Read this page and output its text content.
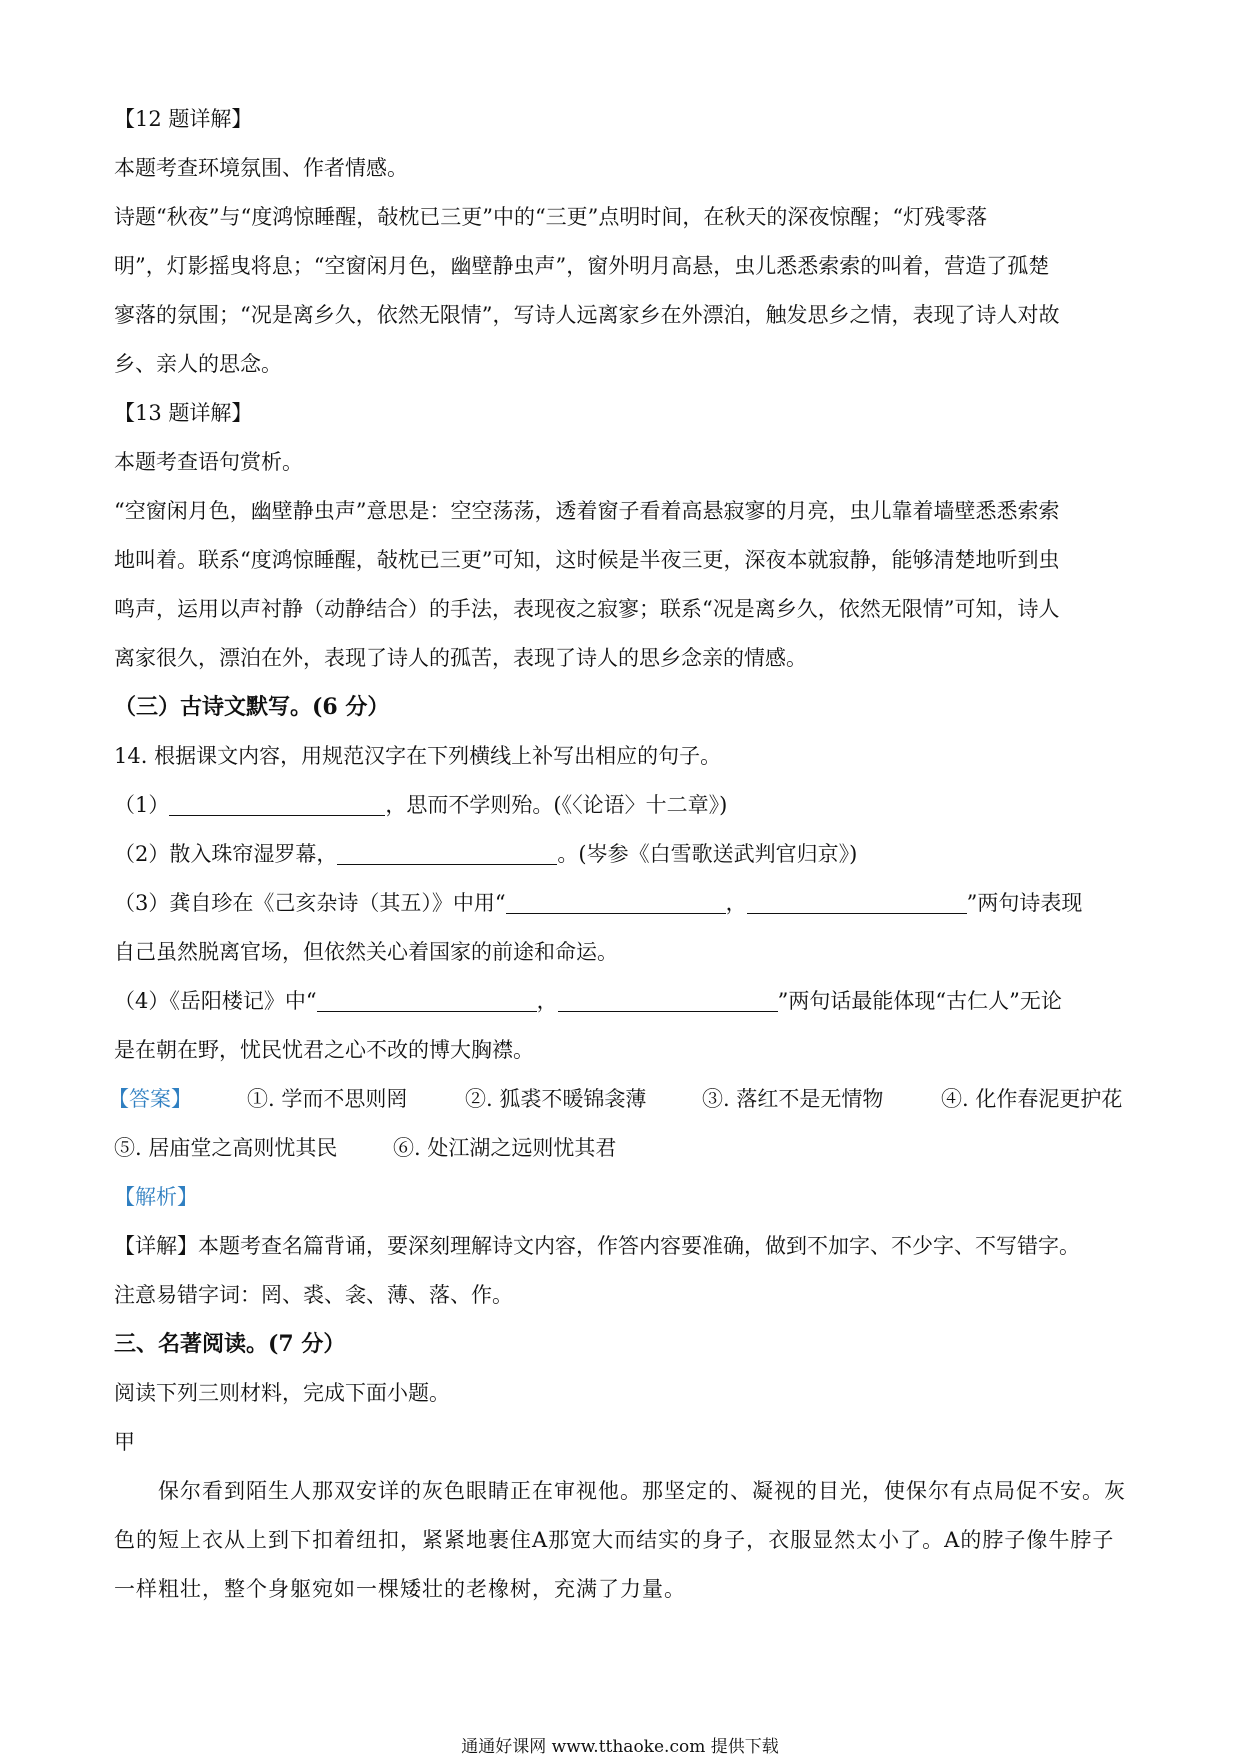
【12 题详解】
本题考查环境氛围、作者情感。
诗题“秋夜”与“度鸿惊睡醒，敧枕已三更”中的“三更”点明时间，在秋天的深夜惊醒；“灯残零落
明”，灯影摇曳将息；“空窗闲月色，幽壁静虫声”，窗外明月高悬，虫儿悉悉索索的叫着，营造了孤楚
寥落的氛围；“况是离乡久，依然无限情”，写诗人远离家乡在外漂泊，触发思乡之情，表现了诗人对故
乡、亲人的思念。
【13 题详解】
本题考查语句赏析。
“空窗闲月色，幽壁静虫声”意思是：空空荡荡，透着窗子看着高悬寂寥的月亮，虫儿靠着墙壁悉悉索索
地叫着。联系“度鸿惊睡醒，敧枕已三更”可知，这时候是半夜三更，深夜本就寂静，能够清楚地听到虫
鸣声，运用以声衬静（动静结合）的手法，表现夜之寂寥；联系“况是离乡久，依然无限情”可知，诗人
离家很久，漂泊在外，表现了诗人的孤苦，表现了诗人的思乡念亲的情感。
（三）古诗文默写。(6 分）
14. 根据课文内容，用规范汉字在下列横线上补写出相应的句子。
（1）	，思而不学则殆。(《〈论语〉十二章》)
（2）散入珠帘湿罗幕，	。(岑参《白雪歌送武判官归京》)
（3）龚自珍在《己亥杂诗（其五）》中用“	，	”两句诗表现
自己虽然脱离官场，但依然关心着国家的前途和命运。
（4）《岳阳楼记》中“	，	”两句话最能体现“古仁人”无论
是在朝在野，忧民忧君之心不改的博大胸襟。
【答案】	①. 学而不思则罔	②. 狐裘不暖锦衾薄	③. 落红不是无情物	④. 化作春泥更护花
⑤. 居庙堂之高则忧其民	⑥. 处江湖之远则忧其君
【解析】
【详解】本题考查名篇背诵，要深刻理解诗文内容，作答内容要准确，做到不加字、不少字、不写错字。
注意易错字词：罔、裘、衾、薄、落、作。
三、名著阅读。(7 分）
阅读下列三则材料，完成下面小题。
甲
保尔看到陌生人那双安详的灰色眼睛正在审视他。那坚定的、凝视的目光，使保尔有点局促不安。灰
色的短上衣从上到下扣着纽扣，紧紧地裹住A那宽大而结实的身子，衣服显然太小了。A的脖子像牛脖子
一样粗壮，整个身躯宛如一棵矮壮的老橡树，充满了力量。
通通好课网 www.tthaoke.com 提供下载
